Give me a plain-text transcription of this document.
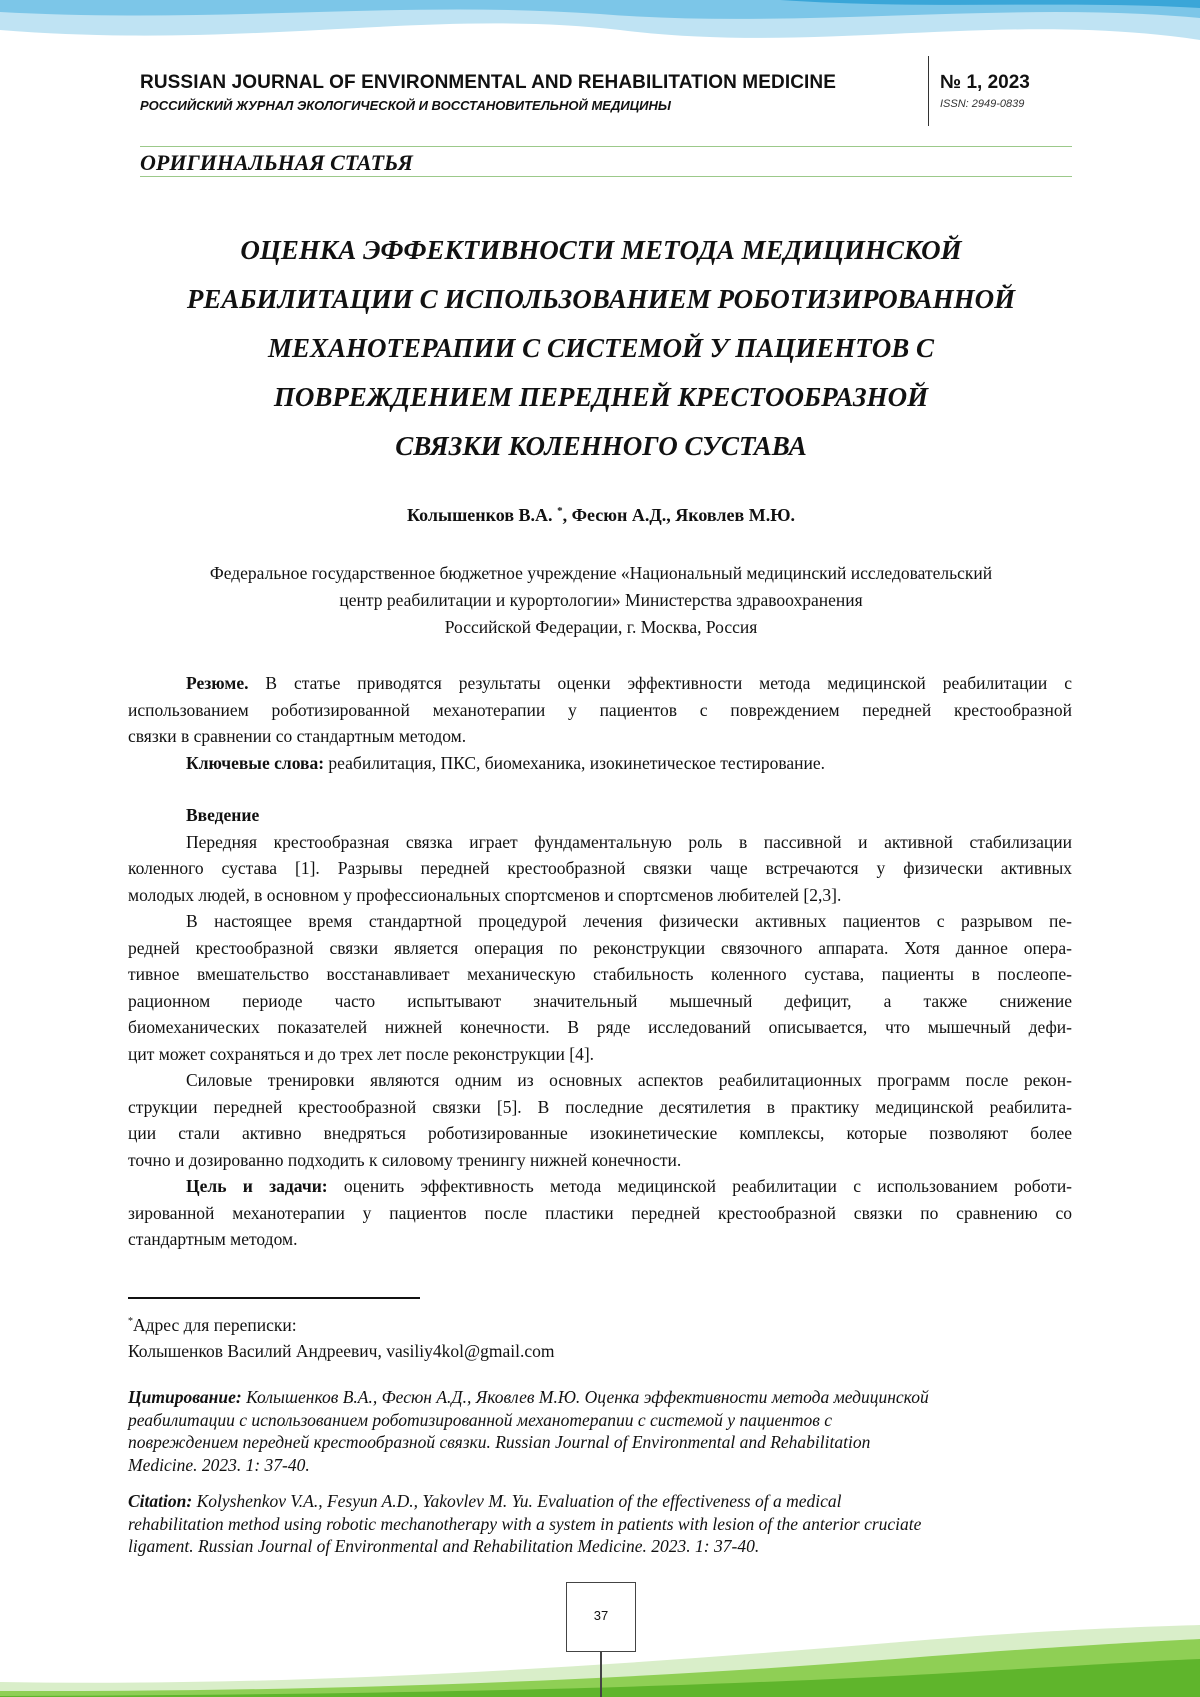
RUSSIAN JOURNAL OF ENVIRONMENTAL AND REHABILITATION MEDICINE
РОССИЙСКИЙ ЖУРНАЛ ЭКОЛОГИЧЕСКОЙ И ВОССТАНОВИТЕЛЬНОЙ МЕДИЦИНЫ
№ 1, 2023
ISSN: 2949-0839
ОРИГИНАЛЬНАЯ СТАТЬЯ
ОЦЕНКА ЭФФЕКТИВНОСТИ МЕТОДА МЕДИЦИНСКОЙ
РЕАБИЛИТАЦИИ С ИСПОЛЬЗОВАНИЕМ РОБОТИЗИРОВАННОЙ
МЕХАНОТЕРАПИИ С СИСТЕМОЙ У ПАЦИЕНТОВ С
ПОВРЕЖДЕНИЕМ ПЕРЕДНЕЙ КРЕСТООБРАЗНОЙ
СВЯЗКИ КОЛЕННОГО СУСТАВА
Колышенков В.А. *, Фесюн А.Д., Яковлев М.Ю.
Федеральное государственное бюджетное учреждение «Национальный медицинский исследовательский
центр реабилитации и курортологии» Министерства здравоохранения
Российской Федерации, г. Москва, Россия
Резюме. В статье приводятся результаты оценки эффективности метода медицинской реабилитации с
использованием роботизированной механотерапии у пациентов с повреждением передней крестообразной
связки в сравнении со стандартным методом.
Ключевые слова: реабилитация, ПКС, биомеханика, изокинетическое тестирование.
Введение
Передняя крестообразная связка играет фундаментальную роль в пассивной и активной стабилизации
коленного сустава [1]. Разрывы передней крестообразной связки чаще встречаются у физически активных
молодых людей, в основном у профессиональных спортсменов и спортсменов любителей [2,3].
В настоящее время стандартной процедурой лечения физически активных пациентов с разрывом пе-
редней крестообразной связки является операция по реконструкции связочного аппарата. Хотя данное опера-
тивное вмешательство восстанавливает механическую стабильность коленного сустава, пациенты в послеопе-
рационном периоде часто испытывают значительный мышечный дефицит, а также снижение
биомеханических показателей нижней конечности. В ряде исследований описывается, что мышечный дефи-
цит может сохраняться и до трех лет после реконструкции [4].
Силовые тренировки являются одним из основных аспектов реабилитационных программ после рекон-
струкции передней крестообразной связки [5]. В последние десятилетия в практику медицинской реабилита-
ции стали активно внедряться роботизированные изокинетические комплексы, которые позволяют более
точно и дозированно подходить к силовому тренингу нижней конечности.
Цель и задачи: оценить эффективность метода медицинской реабилитации с использованием роботи-
зированной механотерапии у пациентов после пластики передней крестообразной связки по сравнению со
стандартным методом.
*Адрес для переписки:
Колышенков Василий Андреевич, vasiliy4kol@gmail.com
Цитирование: Колышенков В.А., Фесюн А.Д., Яковлев М.Ю. Оценка эффективности метода медицинской
реабилитации с использованием роботизированной механотерапии с системой у пациентов с
повреждением передней крестообразной связки. Russian Journal of Environmental and Rehabilitation
Medicine. 2023. 1: 37-40.
Citation: Kolyshenkov V.A., Fesyun A.D., Yakovlev M. Yu. Evaluation of the effectiveness of a medical
rehabilitation method using robotic mechanotherapy with a system in patients with lesion of the anterior cruciate
ligament. Russian Journal of Environmental and Rehabilitation Medicine. 2023. 1: 37-40.
37
